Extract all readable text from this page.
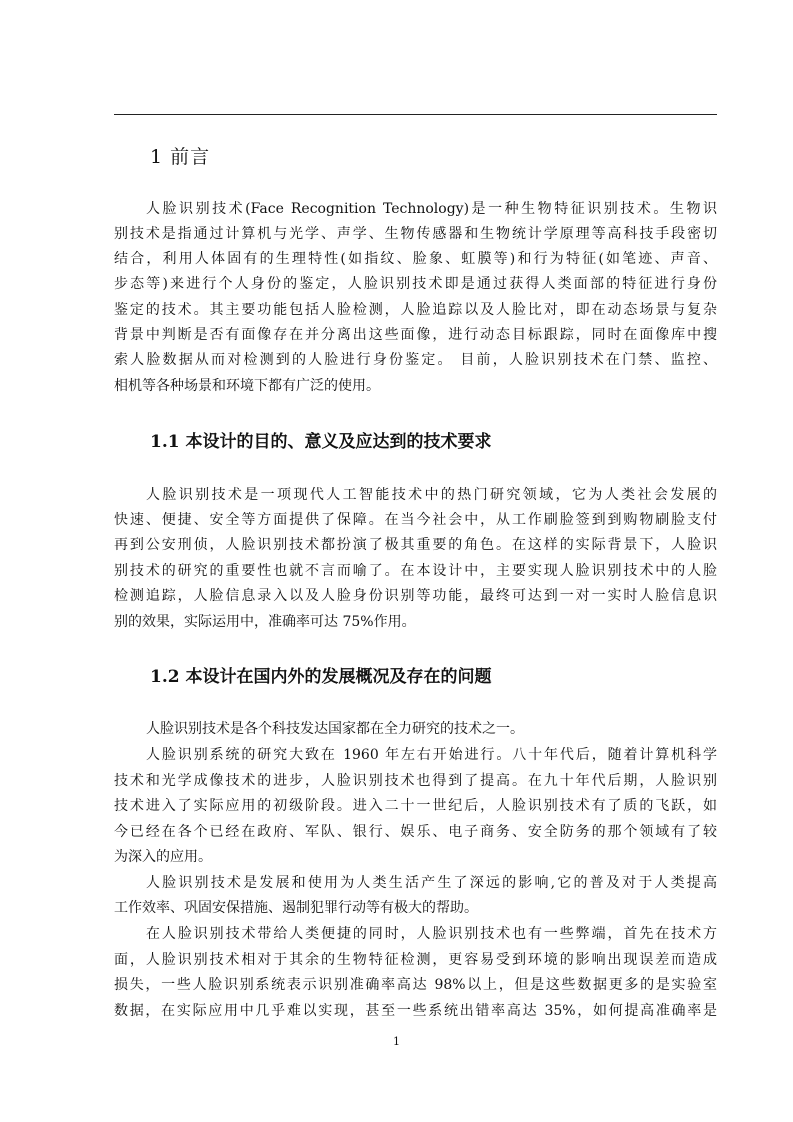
1 前言
人脸识别技术(Face Recognition Technology)是一种生物特征识别技术。生物识
别技术是指通过计算机与光学、声学、生物传感器和生物统计学原理等高科技手段密切
结合，利用人体固有的生理特性(如指纹、脸象、虹膜等)和行为特征(如笔迹、声音、
步态等)来进行个人身份的鉴定，人脸识别技术即是通过获得人类面部的特征进行身份
鉴定的技术。其主要功能包括人脸检测，人脸追踪以及人脸比对，即在动态场景与复杂
背景中判断是否有面像存在并分离出这些面像，进行动态目标跟踪，同时在面像库中搜
索人脸数据从而对检测到的人脸进行身份鉴定。 目前，人脸识别技术在门禁、监控、
相机等各种场景和环境下都有广泛的使用。
1.1 本设计的目的、意义及应达到的技术要求
人脸识别技术是一项现代人工智能技术中的热门研究领域，它为人类社会发展的
快速、便捷、安全等方面提供了保障。在当今社会中，从工作刷脸签到到购物刷脸支付
再到公安刑侦，人脸识别技术都扮演了极其重要的角色。在这样的实际背景下，人脸识
别技术的研究的重要性也就不言而喻了。在本设计中，主要实现人脸识别技术中的人脸
检测追踪，人脸信息录入以及人脸身份识别等功能，最终可达到一对一实时人脸信息识
别的效果，实际运用中，准确率可达 75%作用。
1.2 本设计在国内外的发展概况及存在的问题
人脸识别技术是各个科技发达国家都在全力研究的技术之一。
人脸识别系统的研究大致在 1960 年左右开始进行。八十年代后，随着计算机科学
技术和光学成像技术的进步，人脸识别技术也得到了提高。在九十年代后期，人脸识别
技术进入了实际应用的初级阶段。进入二十一世纪后，人脸识别技术有了质的飞跃，如
今已经在各个已经在政府、军队、银行、娱乐、电子商务、安全防务的那个领域有了较
为深入的应用。
人脸识别技术是发展和使用为人类生活产生了深远的影响,它的普及对于人类提高
工作效率、巩固安保措施、遏制犯罪行动等有极大的帮助。
在人脸识别技术带给人类便捷的同时，人脸识别技术也有一些弊端，首先在技术方
面，人脸识别技术相对于其余的生物特征检测，更容易受到环境的影响出现误差而造成
损失，一些人脸识别系统表示识别准确率高达 98%以上，但是这些数据更多的是实验室
数据，在实际应用中几乎难以实现，甚至一些系统出错率高达 35%，如何提高准确率是
1
